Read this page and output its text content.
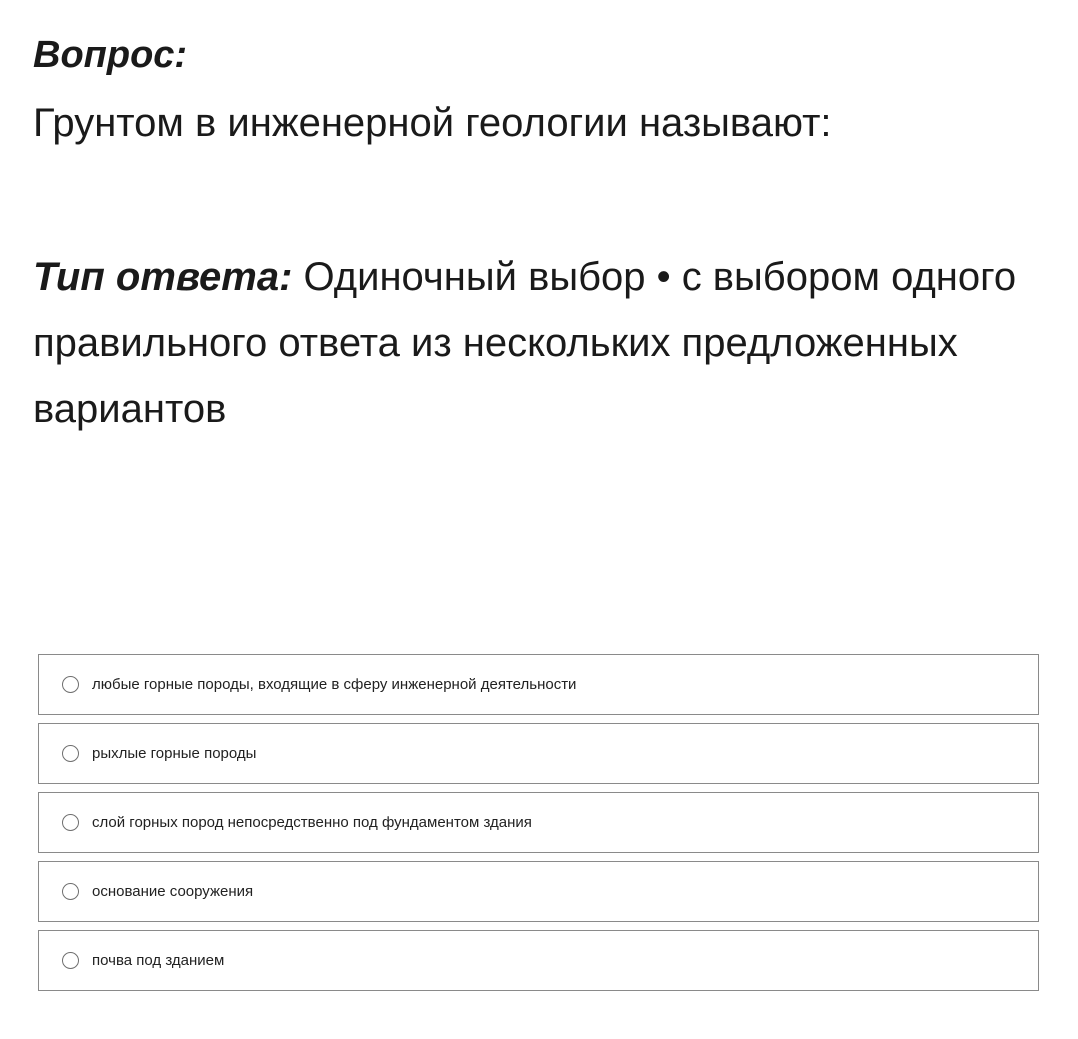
Вопрос:

Грунтом в инженерной геологии называют:

Тип ответа: Одиночный выбор • с выбором одного правильного ответа из нескольких предложенных вариантов
любые горные породы, входящие в сферу инженерной деятельности
рыхлые горные породы
слой горных пород непосредственно под фундаментом здания
основание сооружения
почва под зданием
